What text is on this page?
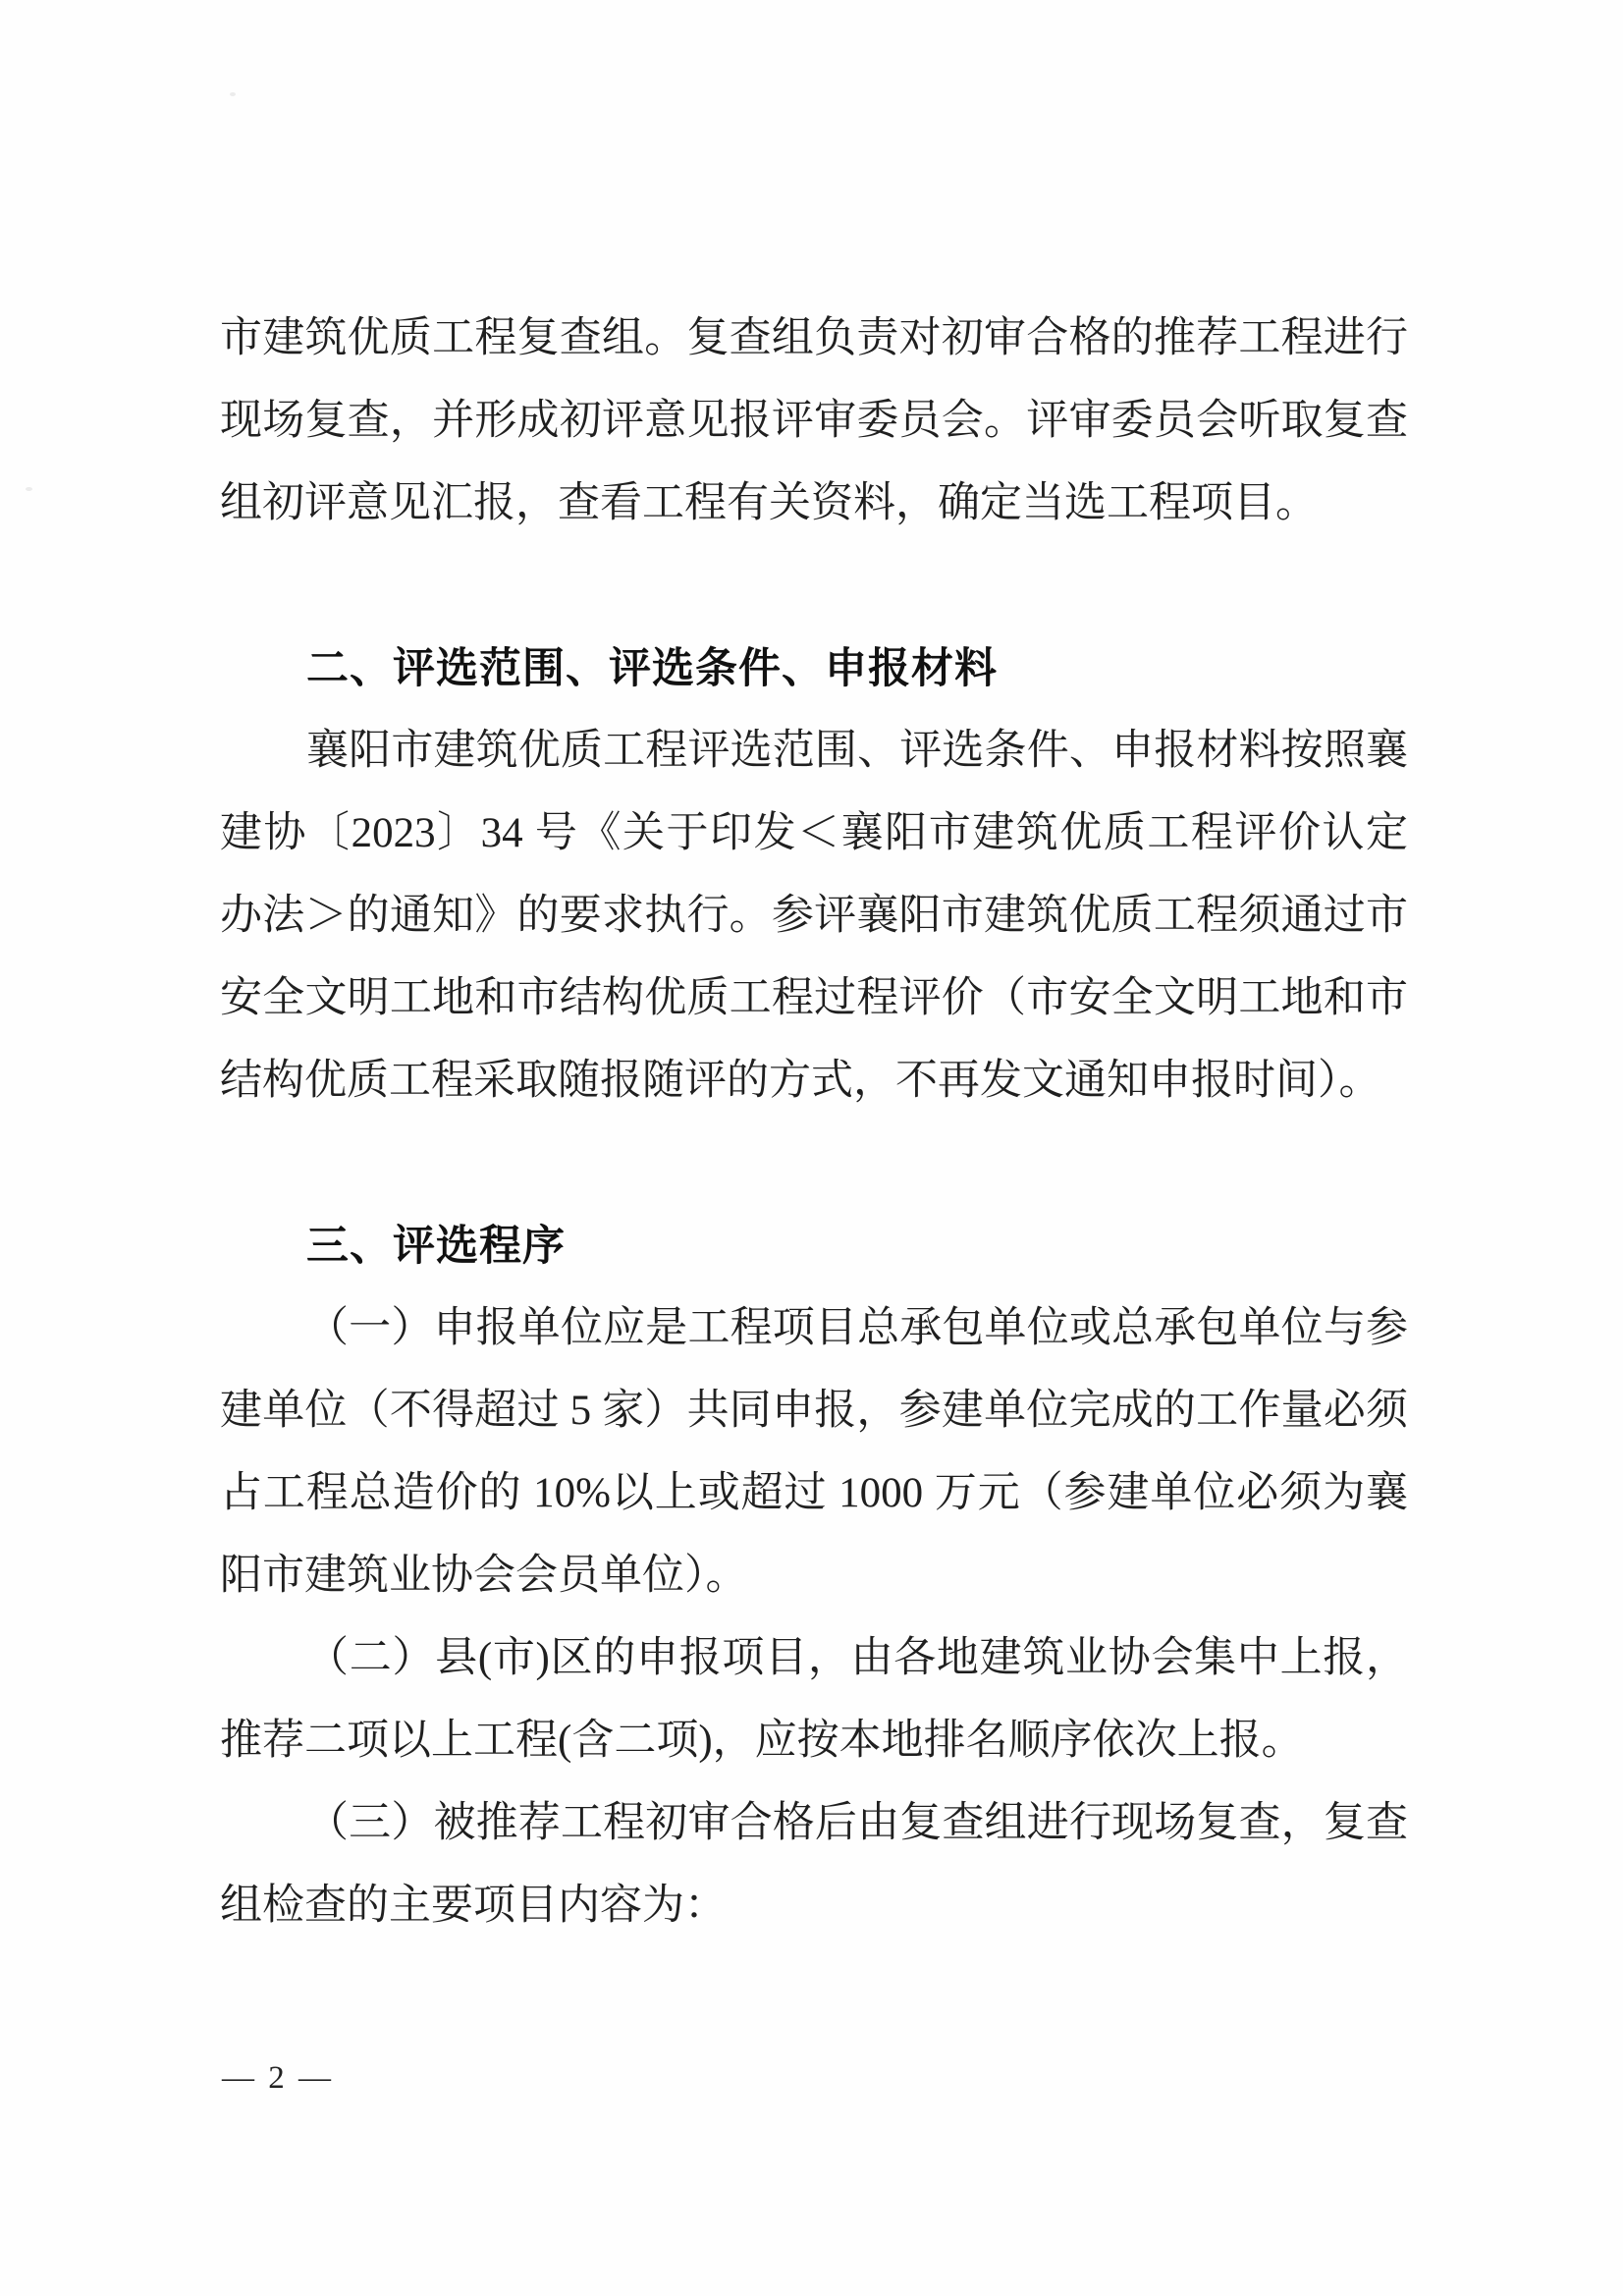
市建筑优质工程复查组。复查组负责对初审合格的推荐工程进行现场复查，并形成初评意见报评审委员会。评审委员会听取复查组初评意见汇报，查看工程有关资料，确定当选工程项目。

二、评选范围、评选条件、申报材料

襄阳市建筑优质工程评选范围、评选条件、申报材料按照襄建协〔2023〕34 号《关于印发＜襄阳市建筑优质工程评价认定办法＞的通知》的要求执行。参评襄阳市建筑优质工程须通过市安全文明工地和市结构优质工程过程评价（市安全文明工地和市结构优质工程采取随报随评的方式，不再发文通知申报时间）。

三、评选程序

（一）申报单位应是工程项目总承包单位或总承包单位与参建单位（不得超过 5 家）共同申报，参建单位完成的工作量必须占工程总造价的 10%以上或超过 1000 万元（参建单位必须为襄阳市建筑业协会会员单位）。

（二）县(市)区的申报项目，由各地建筑业协会集中上报，推荐二项以上工程(含二项)，应按本地排名顺序依次上报。

（三）被推荐工程初审合格后由复查组进行现场复查，复查组检查的主要项目内容为：

— 2 —
